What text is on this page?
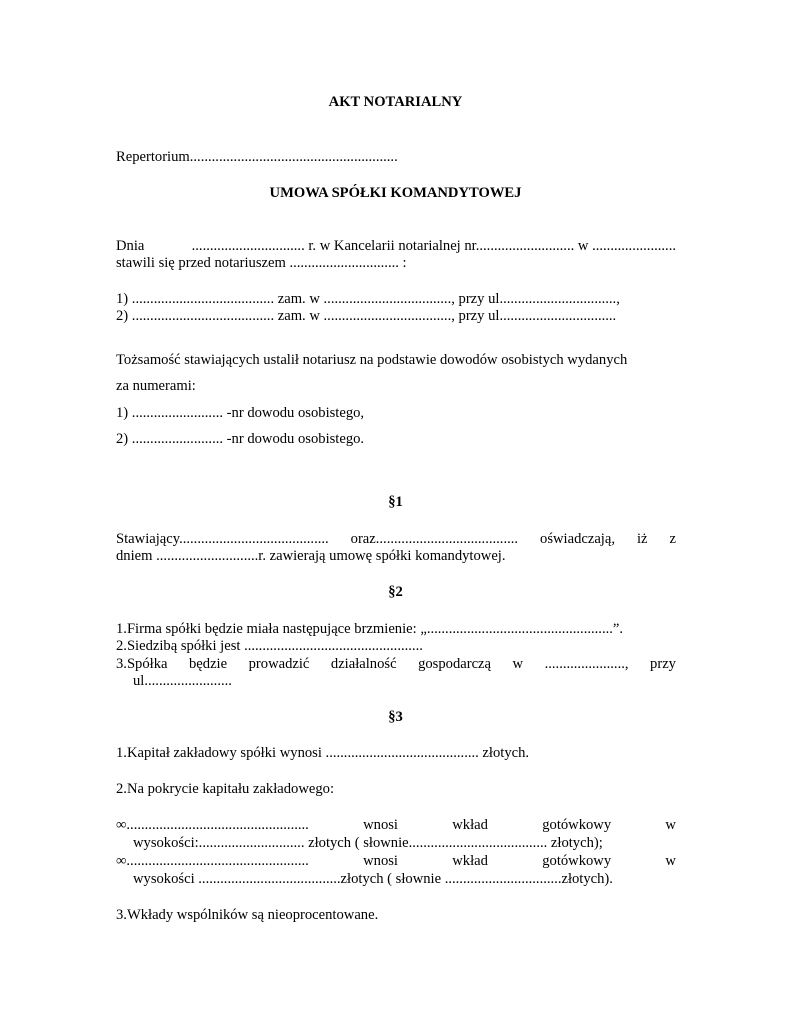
AKT NOTARIALNY
Repertorium.........................................................
UMOWA SPÓŁKI KOMANDYTOWEJ
Dnia	............................... r. w Kancelarii notarialnej nr........................... w .......................
stawili się przed notariuszem .............................. :
1) ....................................... zam. w ..................................., przy ul................................,
2) ....................................... zam. w ..................................., przy ul................................
Tożsamość stawiających ustalił notariusz na podstawie dowodów osobistych wydanych
za numerami:
1) ......................... -nr dowodu osobistego,
2) ......................... -nr dowodu osobistego.
§1
Stawiający......................................... oraz....................................... oświadczają, iż z
dniem ............................r. zawierają umowę spółki komandytowej.
§2
1.Firma spółki będzie miała następujące brzmienie: „...................................................”.
2.Siedzibą spółki jest .................................................
3.Spółka będzie prowadzić działalność gospodarczą w ......................, przy
ul........................
§3
1.Kapitał zakładowy spółki wynosi .......................................... złotych.
2.Na pokrycie kapitału zakładowego:
∞..................................................	wnosi	wkład	gotówkowy	w
wysokości:............................. złotych ( słownie...................................... złotych);
∞..................................................	wnosi	wkład	gotówkowy	w
wysokości .......................................złotych ( słownie ................................złotych).
3.Wkłady wspólników są nieoprocentowane.
